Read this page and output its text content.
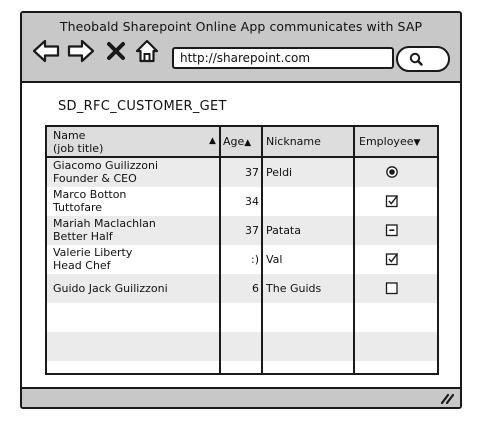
Theobald Sharepoint Online App communicates with SAP
http://sharepoint.com
SD_RFC_CUSTOMER_GET
Name
(job title)
▲ Age▲ Nickname	Employee▼
Giacomo Guilizzoni
Founder & CEO	37 Peldi
Marco Botton
Tuttofare	34
Mariah Maclachlan
Better Half	37 Patata
Valerie Liberty
Head Chef	:) Val
Guido Jack Guilizzoni	6 The Guids
